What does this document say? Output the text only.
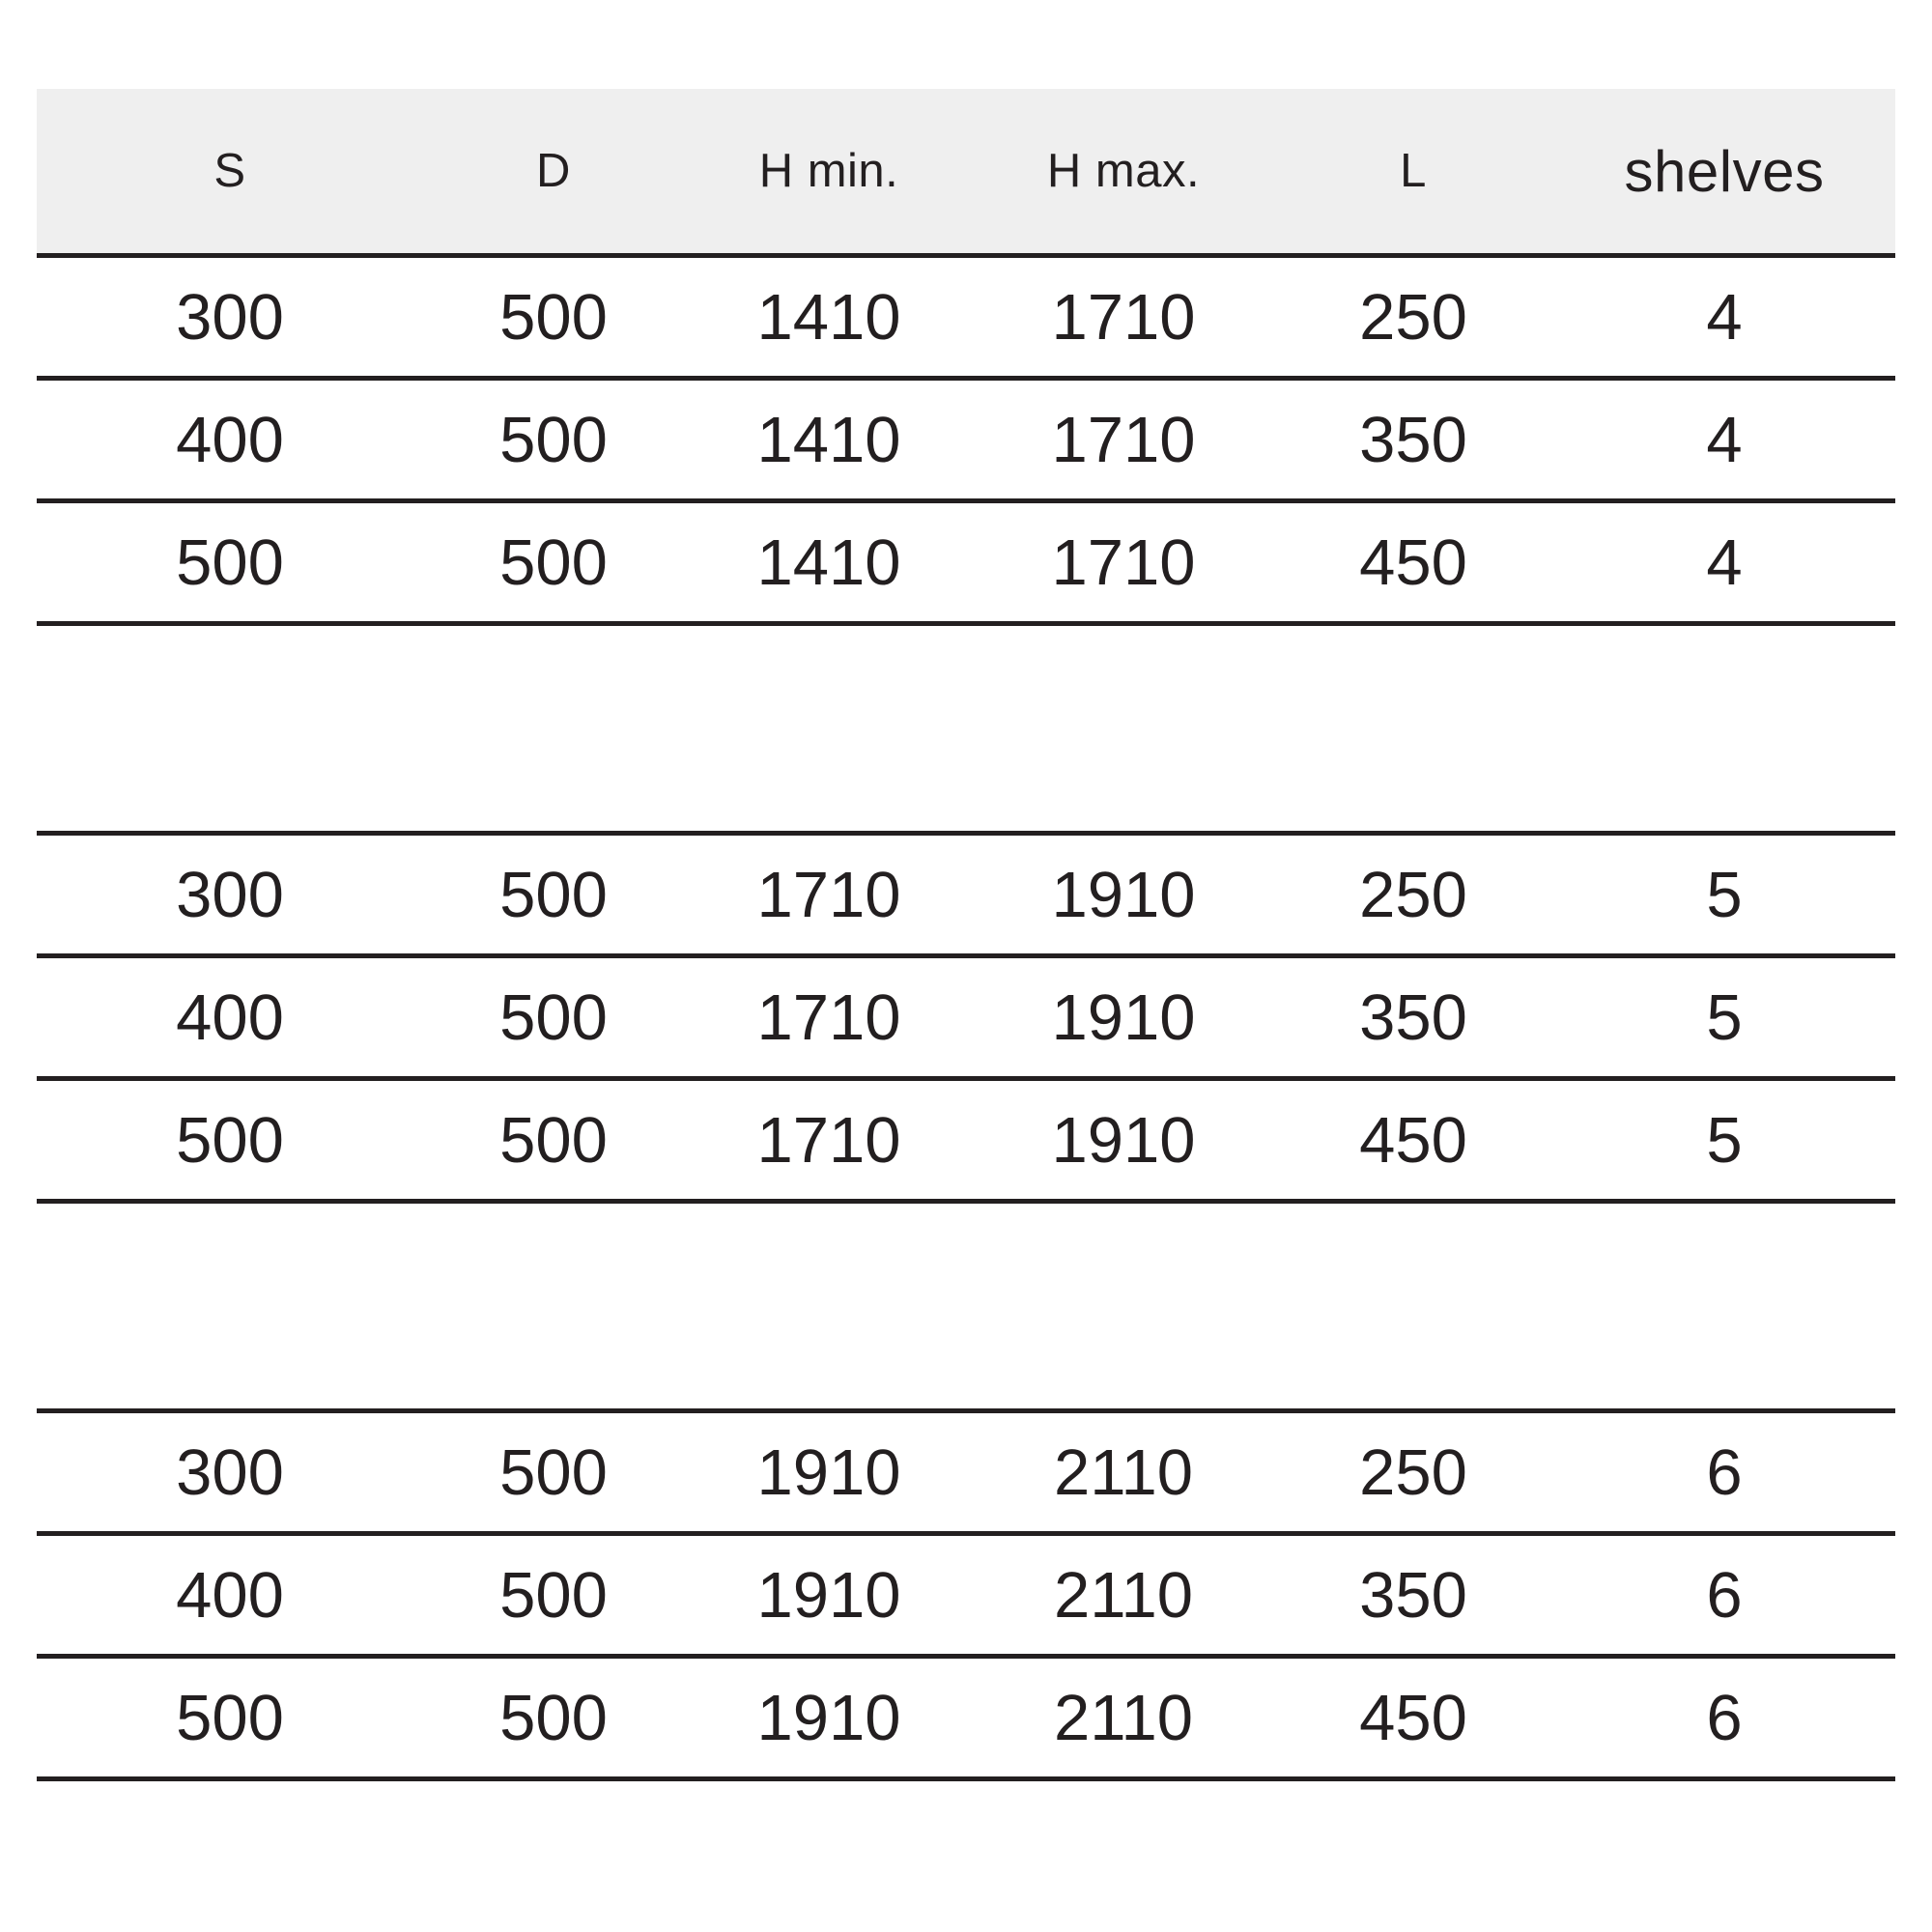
S	D	H min.	H max.	L	shelves
300	500	1410	1710	250	4
400	500	1410	1710	350	4
500	500	1410	1710	450	4

300	500	1710	1910	250	5
400	500	1710	1910	350	5
500	500	1710	1910	450	5

300	500	1910	2110	250	6
400	500	1910	2110	350	6
500	500	1910	2110	450	6
